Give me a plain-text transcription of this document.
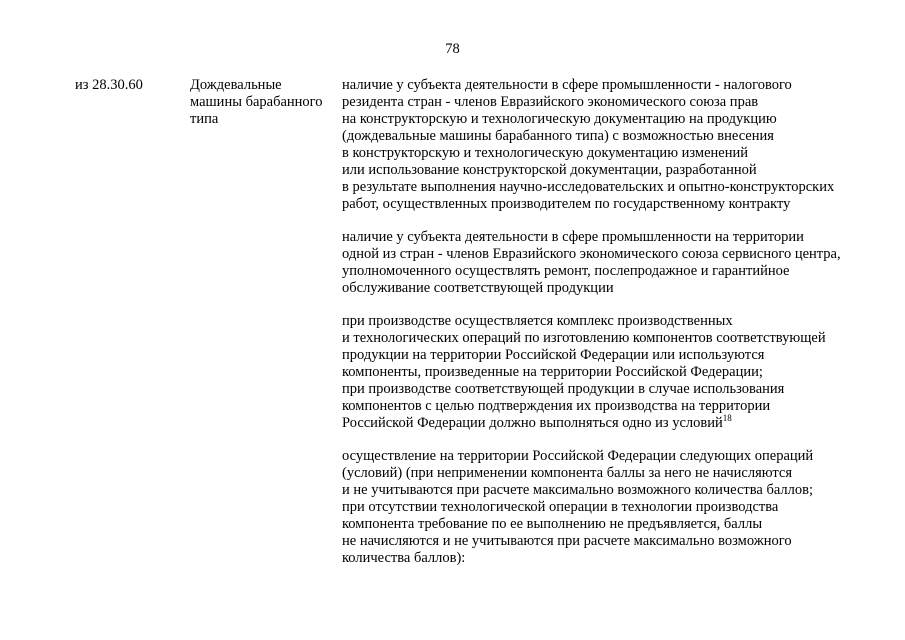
78
из 28.30.60	Дождевальные
машины барабанного
типа
наличие у субъекта деятельности в сфере промышленности - налогового
резидента стран - членов Евразийского экономического союза прав
на конструкторскую и технологическую документацию на продукцию
(дождевальные машины барабанного типа) с возможностью внесения
в конструкторскую и технологическую документацию изменений
или использование конструкторской документации, разработанной
в результате выполнения научно-исследовательских и опытно-конструкторских
работ, осуществленных производителем по государственному контракту
наличие у субъекта деятельности в сфере промышленности на территории
одной из стран - членов Евразийского экономического союза сервисного центра,
уполномоченного осуществлять ремонт, послепродажное и гарантийное
обслуживание соответствующей продукции
при производстве осуществляется комплекс производственных
и технологических операций по изготовлению компонентов соответствующей
продукции на территории Российской Федерации или используются
компоненты, произведенные на территории Российской Федерации;
при производстве соответствующей продукции в случае использования
компонентов с целью подтверждения их производства на территории
Российской Федерации должно выполняться одно из условий$^{18}$
осуществление на территории Российской Федерации следующих операций
(условий) (при неприменении компонента баллы за него не начисляются
и не учитываются при расчете максимально возможного количества баллов;
при отсутствии технологической операции в технологии производства
компонента требование по ее выполнению не предъявляется, баллы
не начисляются и не учитываются при расчете максимально возможного
количества баллов):
